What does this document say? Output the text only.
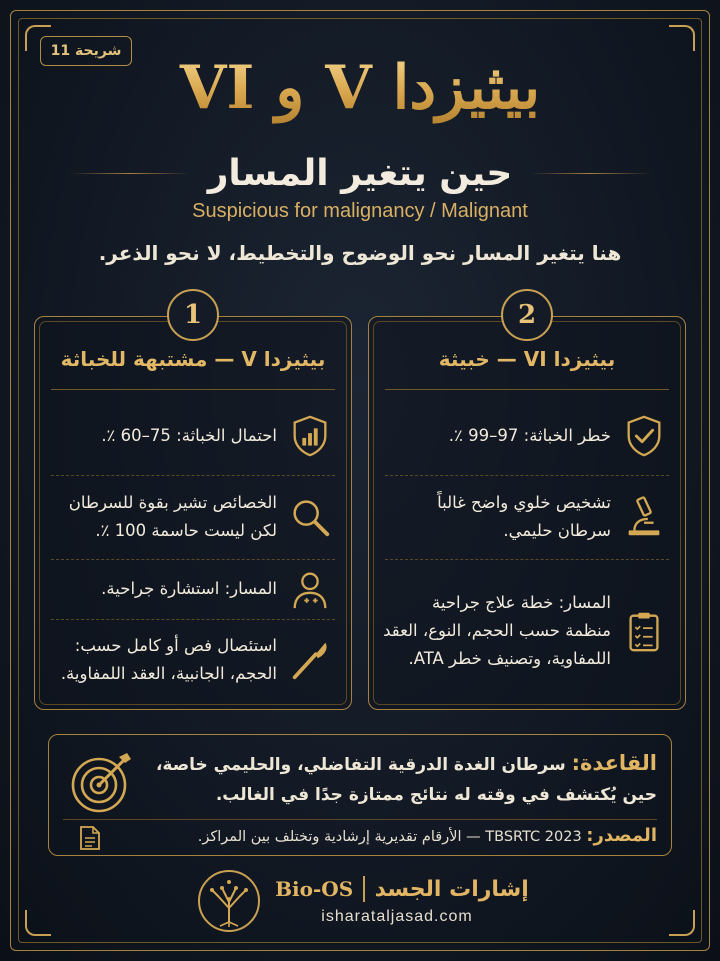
بيثيزدا V و VI
حين يتغير المسار
Suspicious for malignancy / Malignant
هنا يتغير المسار نحو الوضوح والتخطيط، لا نحو الذعر.
1
بيثيزدا V — مشتبهة للخباثة
احتمال الخباثة: 75–60 ٪.
الخصائص تشير بقوة للسرطان لكن ليست حاسمة 100 ٪.
المسار: استشارة جراحية.
استئصال فص أو كامل حسب: الحجم، الجانبية، العقد اللمفاوية.
2
بيثيزدا VI — خبيثة
خطر الخباثة: 97–99 ٪.
تشخيص خلوي واضح غالباً سرطان حليمي.
المسار: خطة علاج جراحية منظمة حسب الحجم، النوع، العقد اللمفاوية، وتصنيف خطر ATA.
القاعدة: سرطان الغدة الدرقية التفاضلي، والحليمي خاصة،
حين يُكتشف في وقته له نتائج ممتازة جدًا في الغالب.
المصدر: TBSRTC 2023 — الأرقام تقديرية إرشادية وتختلف بين المراكز.
إشارات الجسد
Bio-OS
isharataljasad.com
